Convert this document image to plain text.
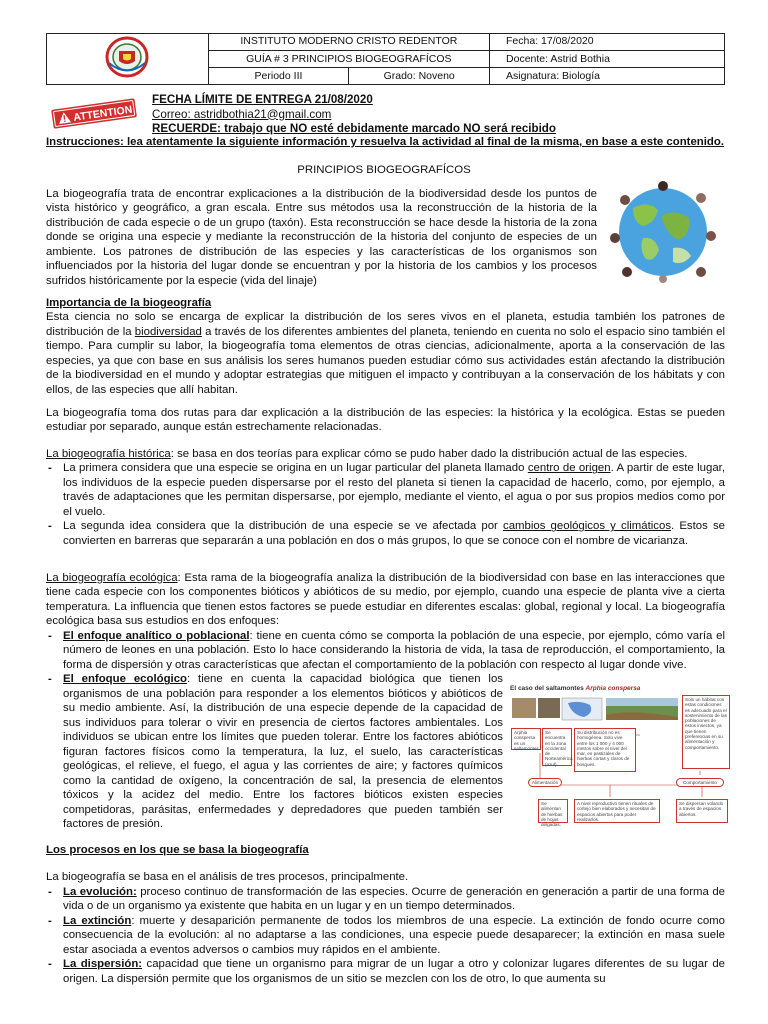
	INSTITUTO MODERNO CRISTO REDENTOR		Fecha: 17/08/2020
	GUÍA # 3 PRINCIPIOS BIOGEOGRAFÍCOS		Docente: Astrid Bothia
	Periodo III	Grado: Noveno	Asignatura: Biología
ATTENTION
FECHA LÍMITE DE ENTREGA 21/08/2020
Correo: astridbothia21@gmail.com
RECUERDE: trabajo que NO esté debidamente marcado NO será recibido
Instrucciones: lea atentamente la siguiente información y resuelva la actividad al final de la misma, en base a este contenido.
PRINCIPIOS BIOGEOGRAFÍCOS
La biogeografía trata de encontrar explicaciones a la distribución de la biodiversidad desde los puntos de vista histórico y geográfico, a gran escala. Entre sus métodos usa la reconstrucción de la historia de la distribución de cada especie o de un grupo (taxón). Esta reconstrucción se hace desde la historia de la zona donde se origina una especie y mediante la reconstrucción de la historia del conjunto de especies de un ambiente. Los patrones de distribución de las especies y las características de los organismos son influenciados por la historia del lugar donde se encuentran y por la historia de los cambios y los procesos sufridos históricamente por la especie (vida del linaje)
Importancia de la biogeografía
Esta ciencia no solo se encarga de explicar la distribución de los seres vivos en el planeta, estudia también los patrones de distribución de la biodiversidad a través de los diferentes ambientes del planeta, teniendo en cuenta no solo el espacio sino también el tiempo. Para cumplir su labor, la biogeografía toma elementos de otras ciencias, adicionalmente, aporta a la conservación de las especies, ya que con base en sus análisis los seres humanos pueden estudiar cómo sus actividades están afectando la distribución de la biodiversidad en el mundo y adoptar estrategias que mitiguen el impacto y contribuyan a la conservación de los hábitats y con ellos, de las especies que allí habitan.
La biogeografía toma dos rutas para dar explicación a la distribución de las especies: la histórica y la ecológica. Estas se pueden estudiar por separado, aunque están estrechamente relacionadas.
La biogeografía histórica: se basa en dos teorías para explicar cómo se pudo haber dado la distribución actual de las especies.
- La primera considera que una especie se origina en un lugar particular del planeta llamado centro de origen. A partir de este lugar, los individuos de la especie pueden dispersarse por el resto del planeta si tienen la capacidad de hacerlo, como, por ejemplo, a través de adaptaciones que les permitan dispersarse, por ejemplo, mediante el viento, el agua o por sus propios medios como por el vuelo.
- La segunda idea considera que la distribución de una especie se ve afectada por cambios geológicos y climáticos. Estos se convierten en barreras que separarán a una población en dos o más grupos, lo que se conoce con el nombre de vicarianza.
La biogeografía ecológica: Esta rama de la biogeografía analiza la distribución de la biodiversidad con base en las interacciones que tiene cada especie con los componentes bióticos y abióticos de su medio, por ejemplo, cuando una especie de planta vive a cierta temperatura. La influencia que tienen estos factores se puede estudiar en diferentes escalas: global, regional y local. La biogeografía ecológica basa sus estudios en dos enfoques:
- El enfoque analítico o poblacional: tiene en cuenta cómo se comporta la población de una especie, por ejemplo, cómo varía el número de leones en una población. Esto lo hace considerando la historia de vida, la tasa de reproducción, el comportamiento, la forma de dispersión y otras características que afectan el comportamiento de la población con respecto al lugar donde vive.
- El enfoque ecológico: tiene en cuenta la capacidad biológica que tienen los organismos de una población para responder a los elementos bióticos y abióticos de su medio ambiente. Así, la distribución de una especie depende de la capacidad de sus individuos para tolerar o vivir en presencia de ciertos factores ambientales. Los individuos se ubican entre los límites que pueden tolerar. Entre los factores abióticos figuran factores físicos como la temperatura, la luz, el suelo, las características geológicas, el relieve, el fuego, el agua y las corrientes de aire; y factores químicos como la cantidad de oxígeno, la concentración de sal, la presencia de elementos tóxicos y la acidez del medio. Entre los factores bióticos existen especies competidoras, parásitas, enfermedades y depredadores que pueden también ser factores de presión.
El caso del saltamontes Arphia conspersa
Arphia conspersa es un saltamontes
Se encuentra en la zona occidental de Norteamérica (azul).
Su distribución no es homogénea. Solo vive entre los 1 000 y 4 000 metros sobre el nivel del mar, en pastizales de hierbas cortas y claros de bosques.
Solo un hábitat con estas condiciones es adecuado para el sostenimiento de las poblaciones de estos insectos, ya que tienen preferencias en su alimentación y comportamiento.
Alimentación	Comportamiento
Se alimentan de hierbas de hojas delgadas.
A nivel reproductivo tienen rituales de cortejo bien elaborados y necesitan de espacios abiertos para poder realizarlos.
Se dispersan volando a través de espacios abiertos.
Los procesos en los que se basa la biogeografía
La biogeografía se basa en el análisis de tres procesos, principalmente.
- La evolución: proceso continuo de transformación de las especies. Ocurre de generación en generación a partir de una forma de vida o de un organismo ya existente que habita en un lugar y en un tiempo determinados.
- La extinción: muerte y desaparición permanente de todos los miembros de una especie. La extinción de fondo ocurre como consecuencia de la evolución: al no adaptarse a las condiciones, una especie puede desaparecer; la extinción en masa suele estar asociada a eventos adversos o cambios muy rápidos en el ambiente.
- La dispersión: capacidad que tiene un organismo para migrar de un lugar a otro y colonizar lugares diferentes de su lugar de origen. La dispersión permite que los organismos de un sitio se mezclen con los de otro, lo que aumenta su
